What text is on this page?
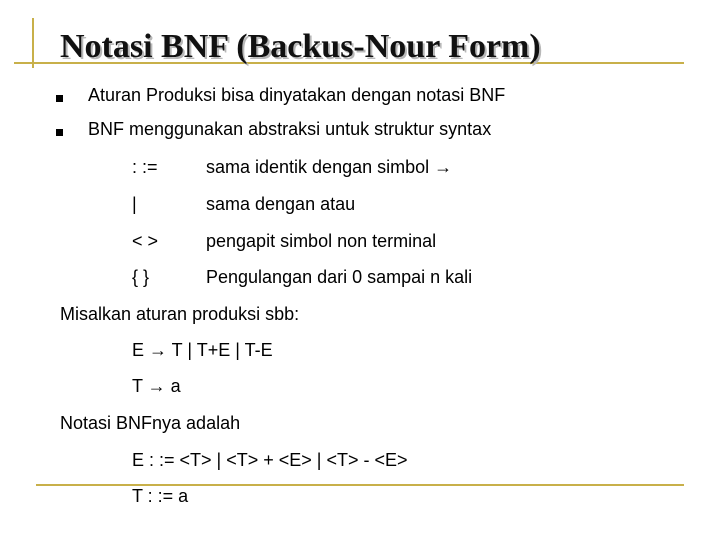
Notasi BNF (Backus-Nour Form)
Aturan Produksi bisa dinyatakan dengan notasi BNF
BNF menggunakan abstraksi untuk struktur syntax
: :=	sama identik dengan simbol →
|	sama dengan atau
< >	pengapit simbol non terminal
{ }	Pengulangan dari 0 sampai n kali
Misalkan aturan produksi sbb:
E → T | T+E | T-E
T → a
Notasi BNFnya adalah
E : := <T> | <T> + <E> | <T> - <E>
T : := a
